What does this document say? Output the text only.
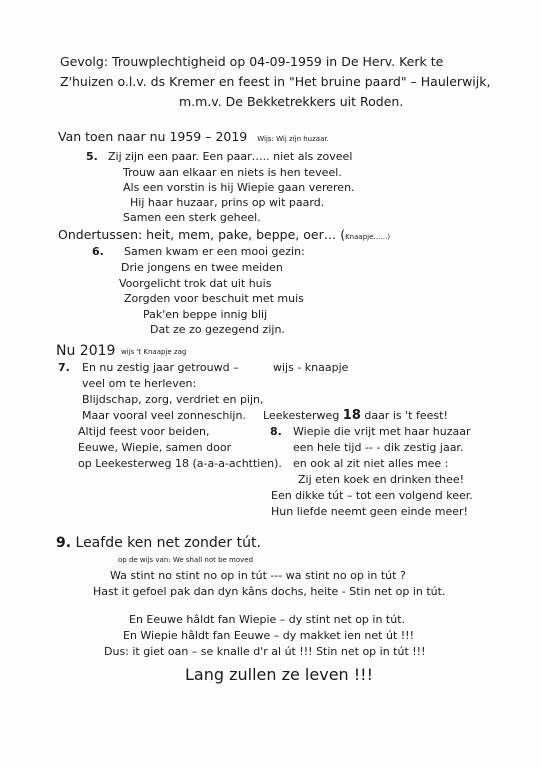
Gevolg: Trouwplechtigheid op 04-09-1959 in De Herv. Kerk te
Z'huizen o.l.v. ds Kremer en feest in "Het bruine paard" – Haulerwijk,
m.m.v. De Bekketrekkers uit Roden.
Van toen naar nu 1959 – 2019 Wijs: Wij zijn huzaar.
5. Zij zijn een paar. Een paar….. niet als zoveel
Trouw aan elkaar en niets is hen teveel.
Als een vorstin is hij Wiepie gaan vereren.
Hij haar huzaar, prins op wit paard.
Samen een sterk geheel.
Ondertussen: heit, mem, pake, beppe, oer… (Knaapje……)
6. Samen kwam er een mooi gezin:
Drie jongens en twee meiden
Voorgelicht trok dat uit huis
Zorgden voor beschuit met muis
Pak'en beppe innig blij
Dat ze zo gezegend zijn.
Nu 2019 wijs 't Knaapje zag
7. En nu zestig jaar getrouwd –
veel om te herleven:
Blijdschap, zorg, verdriet en pijn,
Maar vooral veel zonneschijn.
Altijd feest voor beiden,
Eeuwe, Wiepie, samen door
op Leekesterweg 18 (a-a-a-achttien).
wijs - knaapje
Leekesterweg 18 daar is 't feest!
8. Wiepie die vrijt met haar huzaar
een hele tijd -- - dik zestig jaar.
en ook al zit niet alles mee :
Zij eten koek en drinken thee!
Een dikke tút – tot een volgend keer.
Hun liefde neemt geen einde meer!
9. Leafde ken net zonder tút.
op de wijs van: We shall not be moved
Wa stint no stint no op in tút --- wa stint no op in tút ?
Hast it gefoel pak dan dyn kâns dochs, heite - Stin net op in tút.
En Eeuwe hâldt fan Wiepie – dy stint net op in tút.
En Wiepie hâldt fan Eeuwe – dy makket ien net út !!!
Dus: it giet oan – se knalle d'r al út !!! Stin net op in tút !!!
Lang zullen ze leven !!!
